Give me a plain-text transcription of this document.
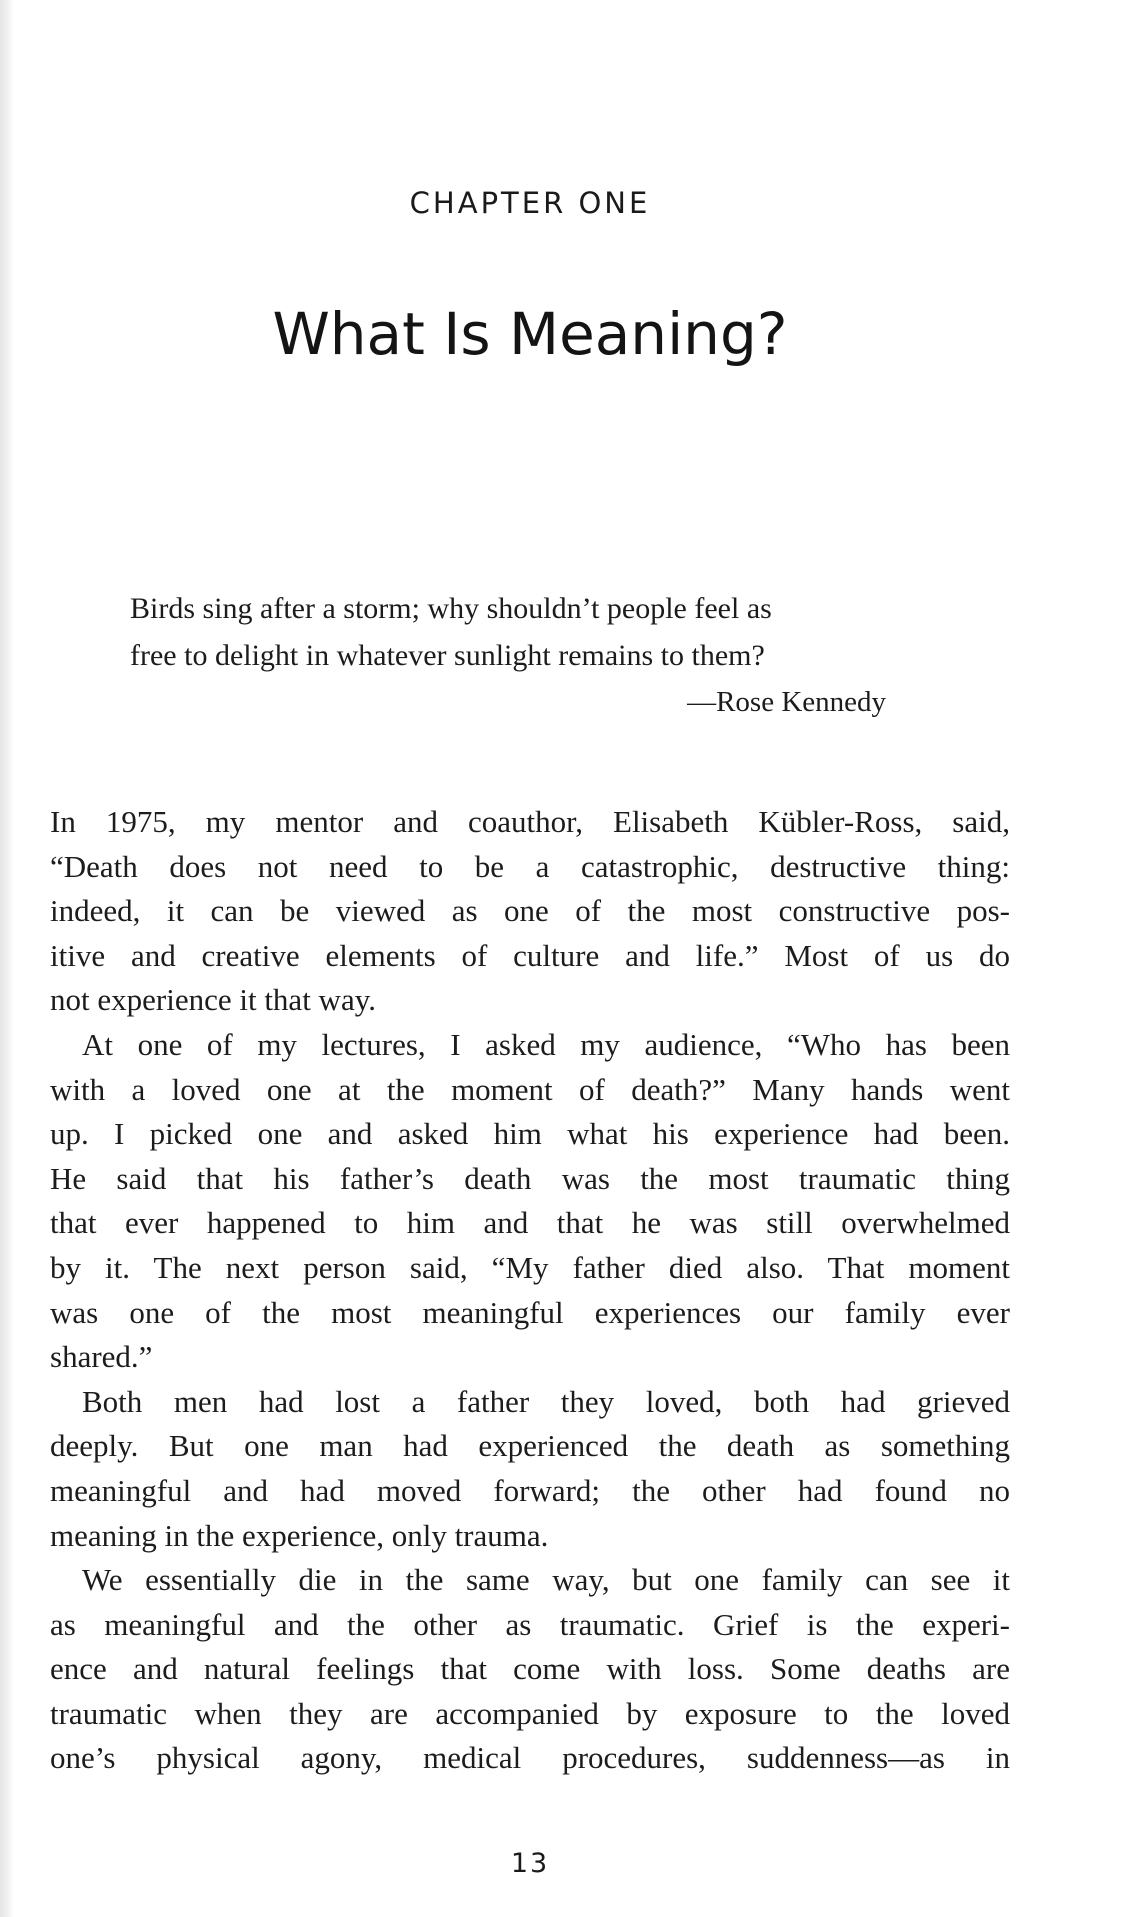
CHAPTER ONE
What Is Meaning?
Birds sing after a storm; why shouldn’t people feel as
free to delight in whatever sunlight remains to them?
—Rose Kennedy
In 1975, my mentor and coauthor, Elisabeth Kübler-Ross, said,
“Death does not need to be a catastrophic, destructive thing:
indeed, it can be viewed as one of the most constructive pos-
itive and creative elements of culture and life.” Most of us do
not experience it that way.
At one of my lectures, I asked my audience, “Who has been
with a loved one at the moment of death?” Many hands went
up. I picked one and asked him what his experience had been.
He said that his father’s death was the most traumatic thing
that ever happened to him and that he was still overwhelmed
by it. The next person said, “My father died also. That moment
was one of the most meaningful experiences our family ever
shared.”
Both men had lost a father they loved, both had grieved
deeply. But one man had experienced the death as something
meaningful and had moved forward; the other had found no
meaning in the experience, only trauma.
We essentially die in the same way, but one family can see it
as meaningful and the other as traumatic. Grief is the experi-
ence and natural feelings that come with loss. Some deaths are
traumatic when they are accompanied by exposure to the loved
one’s physical agony, medical procedures, suddenness—as in
13
